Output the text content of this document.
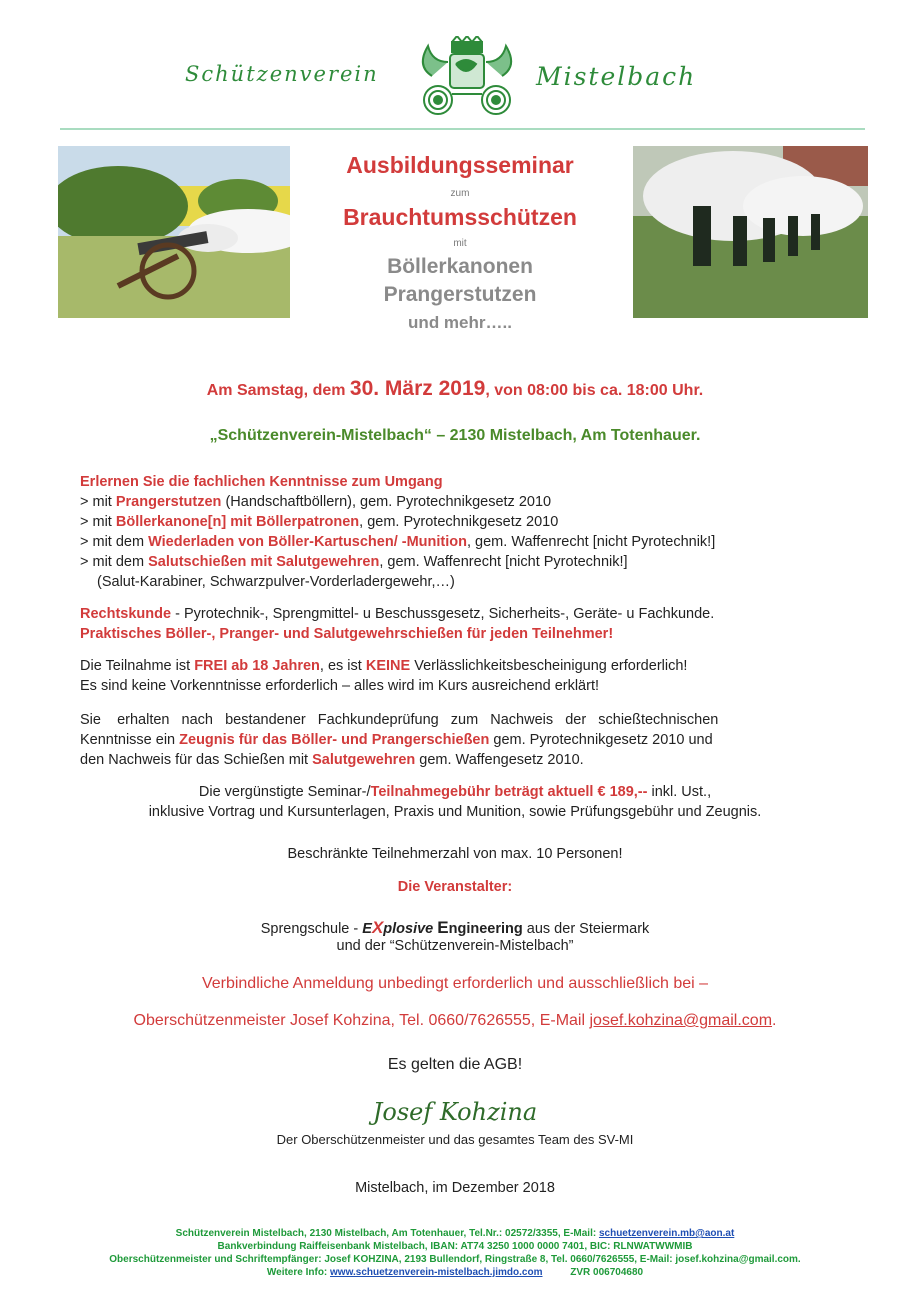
Schützenverein	Mistelbach
Ausbildungsseminar
zum
Brauchtumsschützen
mit
Böllerkanonen
Prangerstutzen
und mehr…..
Am Samstag, dem 30. März 2019, von 08:00 bis ca. 18:00 Uhr.
„Schützenverein-Mistelbach“ – 2130 Mistelbach, Am Totenhauer.
Erlernen Sie die fachlichen Kenntnisse zum Umgang
> mit Prangerstutzen (Handschaftböllern), gem. Pyrotechnikgesetz 2010
> mit Böllerkanone[n] mit Böllerpatronen, gem. Pyrotechnikgesetz 2010
> mit dem Wiederladen von Böller-Kartuschen/ -Munition, gem. Waffenrecht [nicht Pyrotechnik!]
> mit dem Salutschießen mit Salutgewehren, gem. Waffenrecht [nicht Pyrotechnik!]
(Salut-Karabiner, Schwarzpulver-Vorderladergewehr,…)
Rechtskunde - Pyrotechnik-, Sprengmittel- u Beschussgesetz, Sicherheits-, Geräte- u Fachkunde.
Praktisches Böller-, Pranger- und Salutgewehrschießen für jeden Teilnehmer!
Die Teilnahme ist FREI ab 18 Jahren, es ist KEINE Verlässlichkeitsbescheinigung erforderlich!
Es sind keine Vorkenntnisse erforderlich – alles wird im Kurs ausreichend erklärt!
Sie    erhalten   nach   bestandener   Fachkundeprüfung   zum   Nachweis   der   schießtechnischen
Kenntnisse ein Zeugnis für das Böller- und Prangerschießen gem. Pyrotechnikgesetz 2010 und
den Nachweis für das Schießen mit Salutgewehren gem. Waffengesetz 2010.
Die vergünstigte Seminar-/Teilnahmegebühr beträgt aktuell € 189,-- inkl. Ust.,
inklusive Vortrag und Kursunterlagen, Praxis und Munition, sowie Prüfungsgebühr und Zeugnis.
Beschränkte Teilnehmerzahl von max. 10 Personen!
Die Veranstalter:
Sprengschule - EXplosive Engineering aus der Steiermark
und der “Schützenverein-Mistelbach”
Verbindliche Anmeldung unbedingt erforderlich und ausschließlich bei –
Oberschützenmeister Josef Kohzina, Tel. 0660/7626555, E-Mail josef.kohzina@gmail.com.
Es gelten die AGB!
Josef Kohzina
Der Oberschützenmeister und das gesamtes Team des SV-MI
Mistelbach, im Dezember 2018
Schützenverein Mistelbach, 2130 Mistelbach, Am Totenhauer, Tel.Nr.: 02572/3355, E-Mail: schuetzenverein.mb@aon.at
Bankverbindung Raiffeisenbank Mistelbach, IBAN: AT74 3250 1000 0000 7401, BIC: RLNWATWWMIB
Oberschützenmeister und Schriftempfänger: Josef KOHZINA, 2193 Bullendorf, Ringstraße 8, Tel. 0660/7626555, E-Mail: josef.kohzina@gmail.com.
Weitere Info: www.schuetzenverein-mistelbach.jimdo.com          ZVR 006704680
